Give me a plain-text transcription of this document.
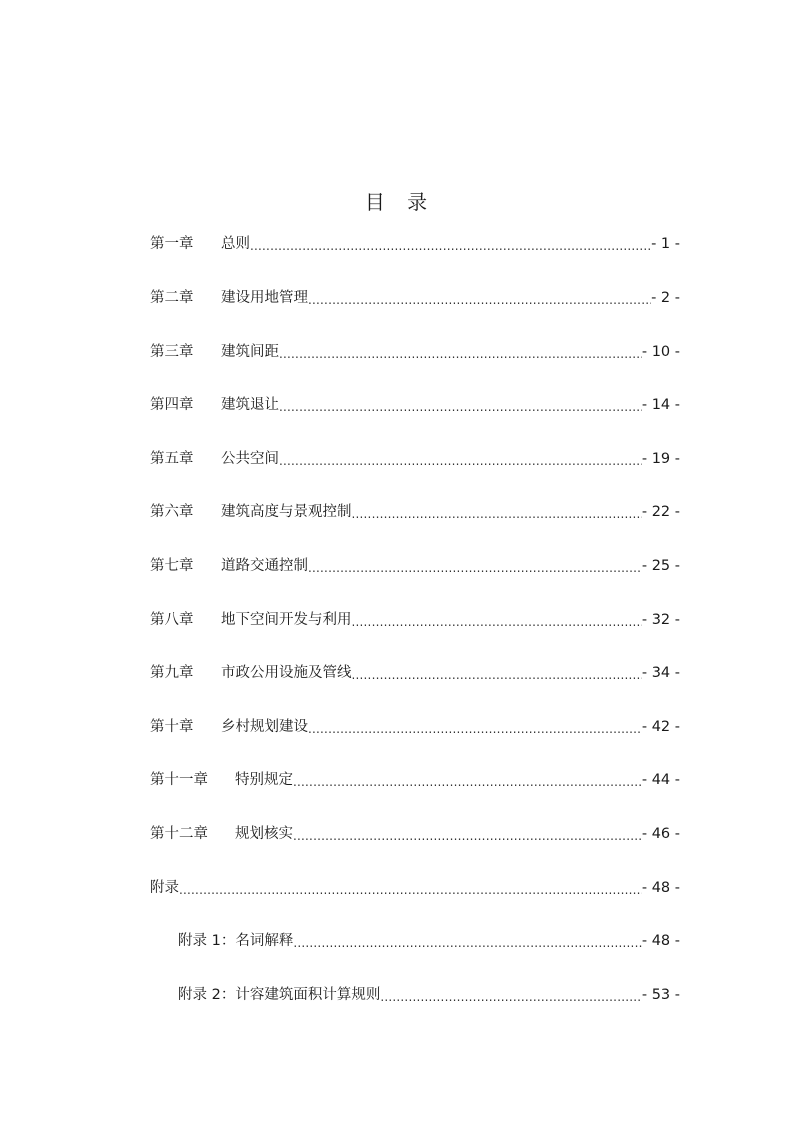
目 录
第一章	总则 .....	- 1 -
第二章	建设用地管理 .....	- 2 -
第三章	建筑间距 .....	- 10 -
第四章	建筑退让 .....	- 14 -
第五章	公共空间 .....	- 19 -
第六章	建筑高度与景观控制 .....	- 22 -
第七章	道路交通控制 .....	- 25 -
第八章	地下空间开发与利用 .....	- 32 -
第九章	市政公用设施及管线 .....	- 34 -
第十章	乡村规划建设 .....	- 42 -
第十一章	特别规定 .....	- 44 -
第十二章	规划核实 .....	- 46 -
附录 .....	- 48 -
附录 1：名词解释 .....	- 48 -
附录 2：计容建筑面积计算规则 .....	- 53 -
